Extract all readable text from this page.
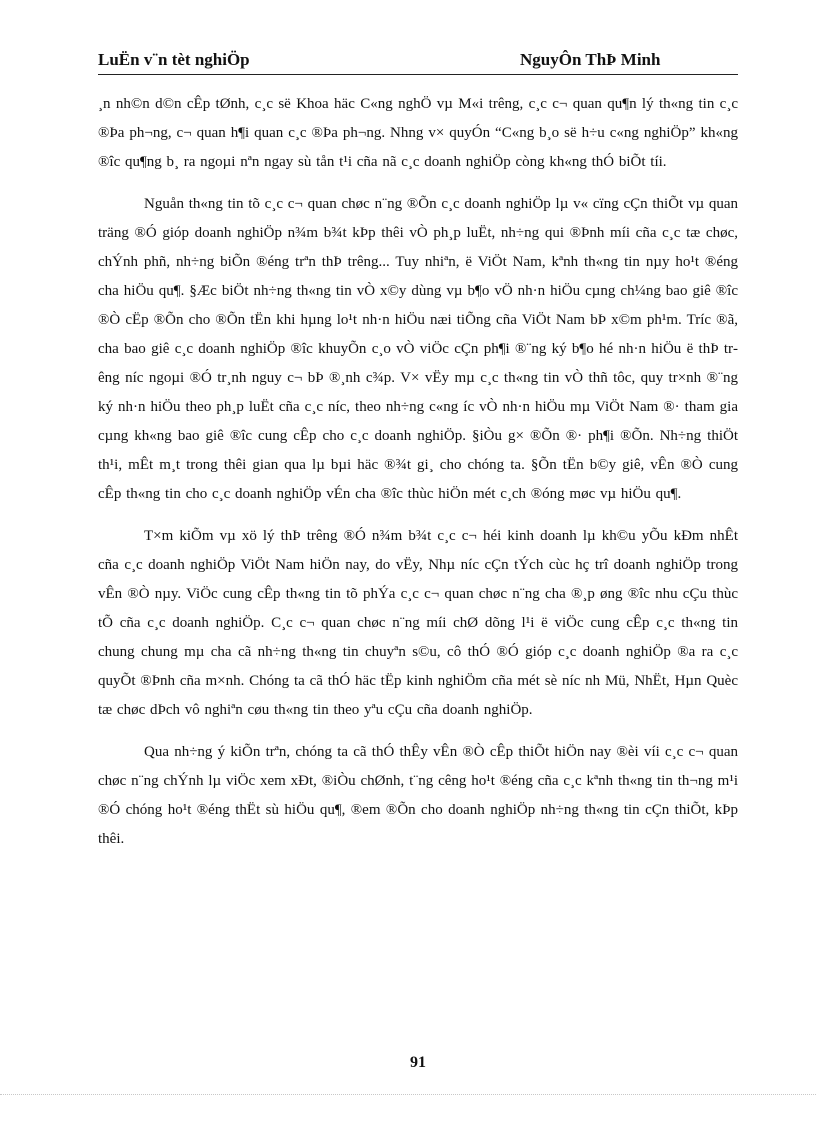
LuËn v¨n tèt nghiÖp	NguyÔn ThÞ Minh

¸n nh©n d©n cÊp tØnh, c¸c së Khoa häc C«ng nghÖ vµ M«i trêng, c¸c c¬ quan qu¶n lý th«ng tin c¸c ®Þa ph¬ng, c¬ quan h¶i quan c¸c ®Þa ph¬ng. Nhng v× quyÓn “C«ng b¸o së h÷u c«ng nghiÖp” kh«ng ®îc qu¶ng b¸ ra ngoµi nªn ngay sù tån t¹i cña nã c¸c doanh nghiÖp còng kh«ng thÓ biÕt tíi.

Nguån th«ng tin tõ c¸c c¬ quan chøc n¨ng ®Õn c¸c doanh nghiÖp lµ v« cïng cÇn thiÕt vµ quan träng ®Ó gióp doanh nghiÖp n¾m b¾t kÞp thêi vÒ ph¸p luËt, nh÷ng qui ®Þnh míi cña c¸c tæ chøc, chÝnh phñ, nh÷ng biÕn ®éng trªn thÞ trêng... Tuy nhiªn, ë ViÖt Nam, kªnh th«ng tin nµy ho¹t ®éng cha hiÖu qu¶. §Æc biÖt nh÷ng th«ng tin vÒ x©y dùng vµ b¶o vÖ nh·n hiÖu cµng ch¼ng bao giê ®îc ®Ò cËp ®Õn cho ®Õn tËn khi hµng lo¹t nh·n hiÖu næi tiÕng cña ViÖt Nam bÞ x©m ph¹m. Tríc ®ã, cha bao giê c¸c doanh nghiÖp ®îc khuyÕn c¸o vÒ viÖc cÇn ph¶i ®¨ng ký b¶o hé nh·n hiÖu ë thÞ trêng níc ngoµi ®Ó tr¸nh nguy c¬ bÞ ®¸nh c¾p. V× vËy mµ c¸c th«ng tin vÒ thñ tôc, quy tr×nh ®¨ng ký nh·n hiÖu theo ph¸p luËt cña c¸c níc, theo nh÷ng c«ng íc vÒ nh·n hiÖu mµ ViÖt Nam ®· tham gia cµng kh«ng bao giê ®îc cung cÊp cho c¸c doanh nghiÖp. §iÒu g× ®Õn ®· ph¶i ®Õn. Nh÷ng thiÖt th¹i, mÊt m¸t trong thêi gian qua lµ bµi häc ®¾t gi¸ cho chóng ta. §Õn tËn b©y giê, vÊn ®Ò cung cÊp th«ng tin cho c¸c doanh nghiÖp vÉn cha ®îc thùc hiÖn mét c¸ch ®óng møc vµ hiÖu qu¶.

T×m kiÕm vµ xö lý thÞ trêng ®Ó n¾m b¾t c¸c c¬ héi kinh doanh lµ kh©u yÕu kÐm nhÊt cña c¸c doanh nghiÖp ViÖt Nam hiÖn nay, do vËy, Nhµ níc cÇn tÝch cùc hç trî doanh nghiÖp trong vÊn ®Ò nµy. ViÖc cung cÊp th«ng tin tõ phÝa c¸c c¬ quan chøc n¨ng cha ®¸p øng ®îc nhu cÇu thùc tÕ cña c¸c doanh nghiÖp. C¸c c¬ quan chøc n¨ng míi chØ dõng l¹i ë viÖc cung cÊp c¸c th«ng tin chung chung mµ cha cã nh÷ng th«ng tin chuyªn s©u, cô thÓ ®Ó gióp c¸c doanh nghiÖp ®a ra c¸c quyÕt ®Þnh cña m×nh. Chóng ta cã thÓ häc tËp kinh nghiÖm cña mét sè níc nh Mü, NhËt, Hµn Quèc tæ chøc dÞch vô nghiªn cøu th«ng tin theo yªu cÇu cña doanh nghiÖp.

Qua nh÷ng ý kiÕn trªn, chóng ta cã thÓ thÊy vÊn ®Ò cÊp thiÕt hiÖn nay ®èi víi c¸c c¬ quan chøc n¨ng chÝnh lµ viÖc xem xÐt, ®iÒu chØnh, t¨ng cêng ho¹t ®éng cña c¸c kªnh th«ng tin th¬ng m¹i ®Ó chóng ho¹t ®éng thËt sù hiÖu qu¶, ®em ®Õn cho doanh nghiÖp nh÷ng th«ng tin cÇn thiÕt, kÞp thêi.

91
